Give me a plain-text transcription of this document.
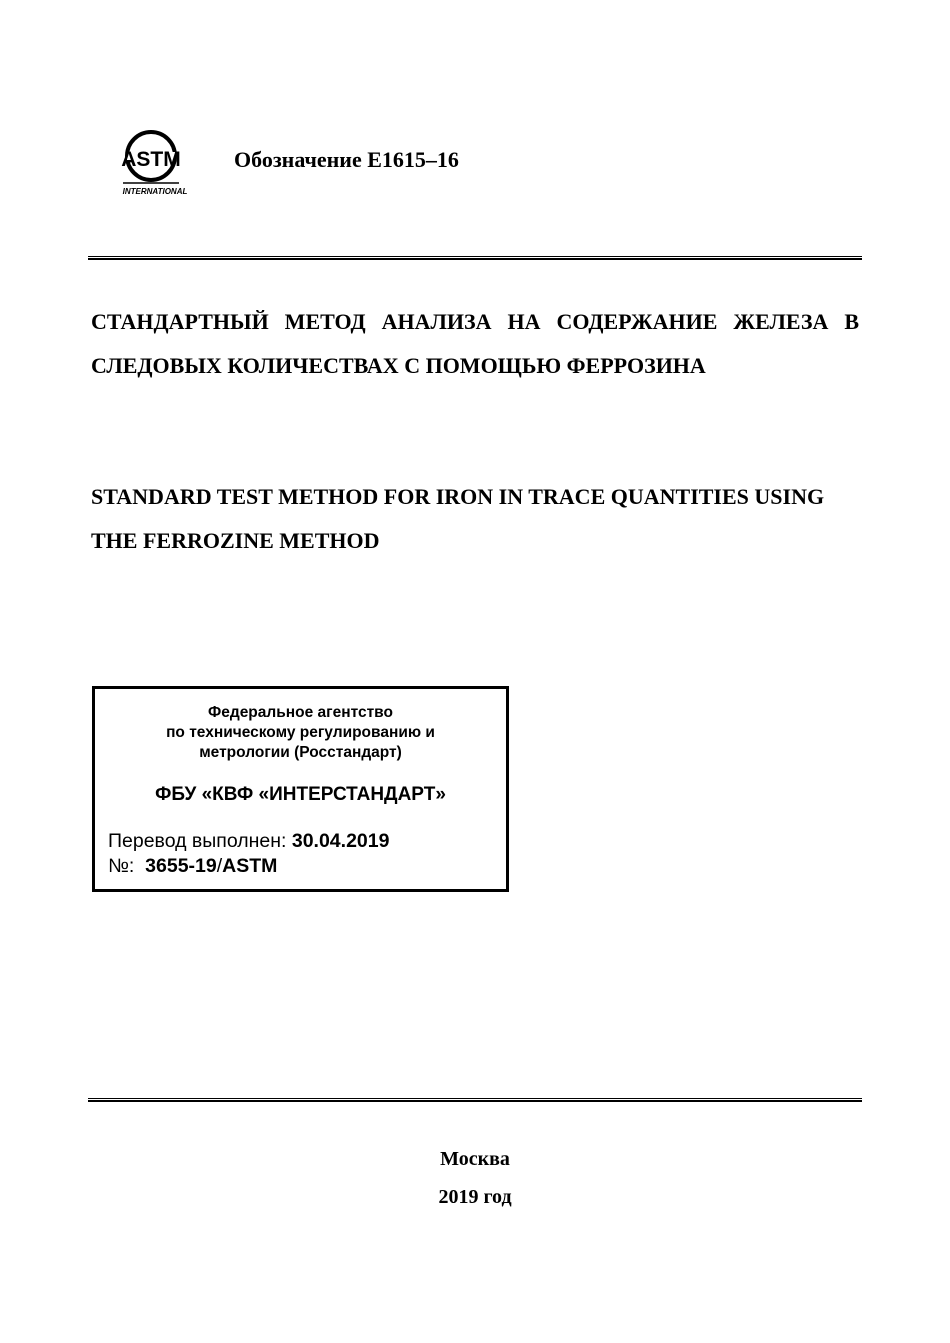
ASTM
INTERNATIONAL
Обозначение E1615–16

СТАНДАРТНЫЙ МЕТОД АНАЛИЗА НА СОДЕРЖАНИЕ ЖЕЛЕЗА В СЛЕДОВЫХ КОЛИЧЕСТВАХ С ПОМОЩЬЮ ФЕРРОЗИНА

STANDARD TEST METHOD FOR IRON IN TRACE QUANTITIES USING THE FERROZINE METHOD

Федеральное агентство
по техническому регулированию и
метрологии (Росстандарт)
ФБУ «КВФ «ИНТЕРСТАНДАРТ»
Перевод выполнен: 30.04.2019
№:  3655-19/ASTM
Москва
2019 год
